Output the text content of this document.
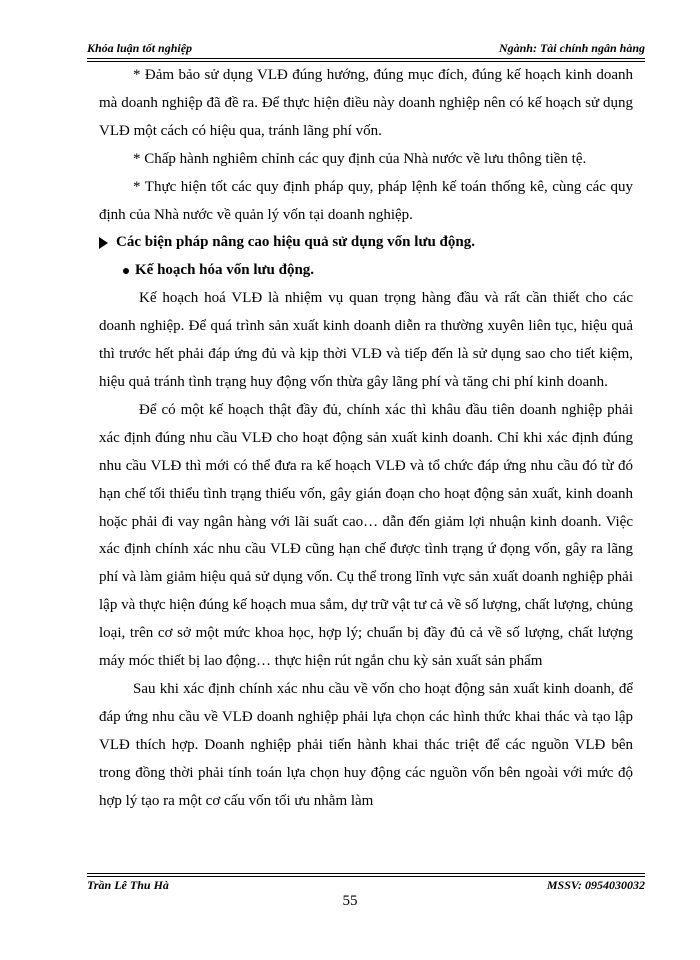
Khóa luận tốt nghiệp	Ngành: Tài chính ngân hàng

* Đảm bảo sử dụng VLĐ đúng hướng, đúng mục đích, đúng kế hoạch kinh doanh mà doanh nghiệp đã đề ra. Để thực hiện điều này doanh nghiệp nên có kế hoạch sử dụng VLĐ một cách có hiệu qua, tránh lãng phí vốn.

* Chấp hành nghiêm chỉnh các quy định của Nhà nước về lưu thông tiền tệ.

* Thực hiện tốt các quy định pháp quy, pháp lệnh kế toán thống kê, cùng các quy định của Nhà nước về quản lý vốn tại doanh nghiệp.

Các biện pháp nâng cao hiệu quả sử dụng vốn lưu động.

Kế hoạch hóa vốn lưu động.

Kế hoạch hoá VLĐ là nhiệm vụ quan trọng hàng đầu và rất cần thiết cho các doanh nghiệp. Để quá trình sản xuất kinh doanh diễn ra thường xuyên liên tục, hiệu quả thì trước hết phải đáp ứng đủ và kịp thời VLĐ và tiếp đến là sử dụng sao cho tiết kiệm, hiệu quả tránh tình trạng huy động vốn thừa gây lãng phí và tăng chi phí kinh doanh.

Để có một kế hoạch thật đầy đủ, chính xác thì khâu đầu tiên doanh nghiệp phải xác định đúng nhu cầu VLĐ cho hoạt động sản xuất kinh doanh. Chỉ khi xác định đúng nhu cầu VLĐ thì mới có thể đưa ra kế hoạch VLĐ và tổ chức đáp ứng nhu cầu đó từ đó hạn chế tối thiểu tình trạng thiếu vốn, gây gián đoạn cho hoạt động sản xuất, kinh doanh hoặc phải đi vay ngân hàng với lãi suất cao… dẫn đến giảm lợi nhuận kinh doanh. Việc xác định chính xác nhu cầu VLĐ cũng hạn chế được tình trạng ứ đọng vốn, gây ra lãng phí và làm giảm hiệu quả sử dụng vốn. Cụ thể trong lĩnh vực sản xuất doanh nghiệp phải lập và thực hiện đúng kế hoạch mua sắm, dự trữ vật tư cả về số lượng, chất lượng, chủng loại, trên cơ sở một mức khoa học, hợp lý; chuẩn bị đầy đủ cả về số lượng, chất lượng máy móc thiết bị lao động… thực hiện rút ngắn chu kỳ sản xuất sản phẩm

Sau khi xác định chính xác nhu cầu về vốn cho hoạt động sản xuất kinh doanh, để đáp ứng nhu cầu về VLĐ doanh nghiệp phải lựa chọn các hình thức khai thác và tạo lập VLĐ thích hợp. Doanh nghiệp phải tiến hành khai thác triệt để các nguồn VLĐ bên trong đồng thời phải tính toán lựa chọn huy động các nguồn vốn bên ngoài với mức độ hợp lý tạo ra một cơ cấu vốn tối ưu nhằm làm

Trần Lê Thu Hà	MSSV: 0954030032
55
